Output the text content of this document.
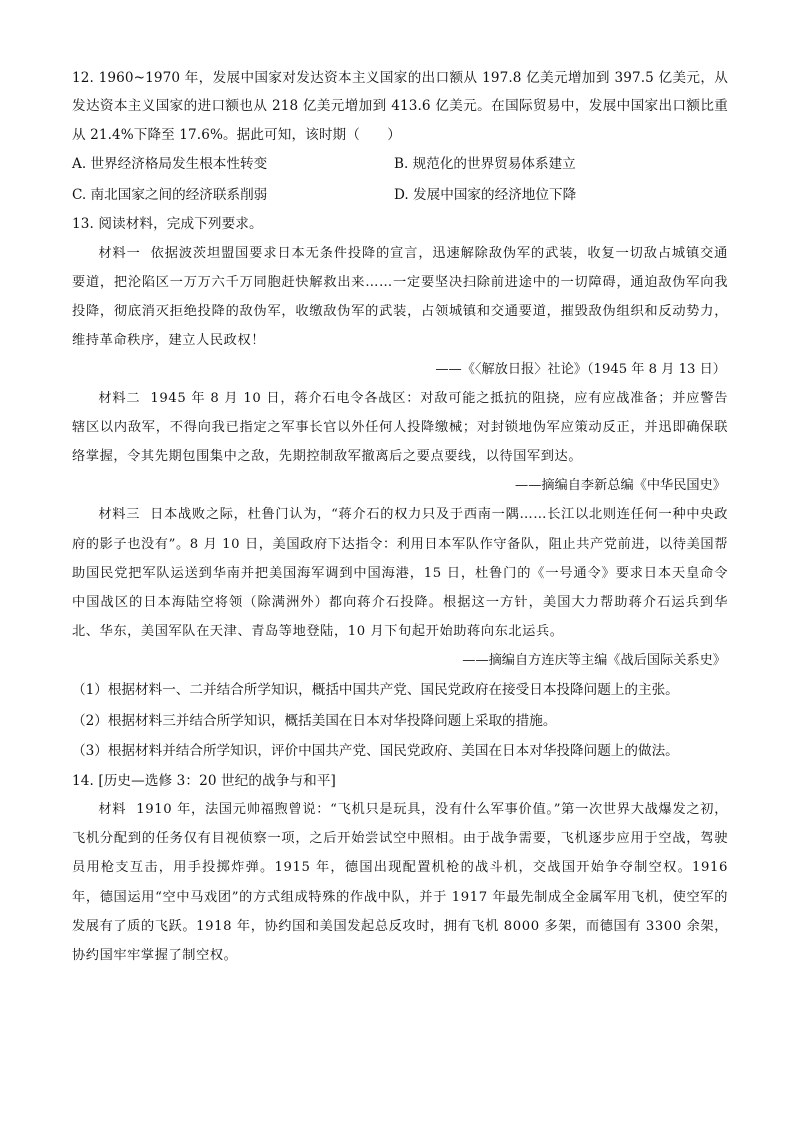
12. 1960~1970 年，发展中国家对发达资本主义国家的出口额从 197.8 亿美元增加到 397.5 亿美元，从发达资本主义国家的进口额也从 218 亿美元增加到 413.6 亿美元。在国际贸易中，发展中国家出口额比重从 21.4%下降至 17.6%。据此可知，该时期（　　）

A. 世界经济格局发生根本性转变	B. 规范化的世界贸易体系建立
C. 南北国家之间的经济联系削弱	D. 发展中国家的经济地位下降

13. 阅读材料，完成下列要求。

材料一 依据波茨坦盟国要求日本无条件投降的宣言，迅速解除敌伪军的武装，收复一切敌占城镇交通要道，把沦陷区一万万六千万同胞赶快解救出来……一定要坚决扫除前进途中的一切障碍，通迫敌伪军向我投降，彻底消灭拒绝投降的敌伪军，收缴敌伪军的武装，占领城镇和交通要道，摧毁敌伪组织和反动势力，维持革命秩序，建立人民政权！

——《〈解放日报〉社论》（1945 年 8 月 13 日）

材料二 1945 年 8 月 10 日，蒋介石电令各战区：对敌可能之抵抗的阻挠，应有应战准备；并应警告辖区以内敌军，不得向我已指定之军事长官以外任何人投降缴械；对封锁地伪军应策动反正，并迅即确保联络掌握，令其先期包围集中之敌，先期控制敌军撤离后之要点要线，以待国军到达。

——摘编自李新总编《中华民国史》

材料三 日本战败之际，杜鲁门认为，“蒋介石的权力只及于西南一隅……长江以北则连任何一种中央政府的影子也没有”。8 月 10 日，美国政府下达指令：利用日本军队作守备队，阻止共产党前进，以待美国帮助国民党把军队运送到华南并把美国海军调到中国海港，15 日，杜鲁门的《一号通令》要求日本天皇命令中国战区的日本海陆空将领（除满洲外）都向蒋介石投降。根据这一方针，美国大力帮助蒋介石运兵到华北、华东，美国军队在天津、青岛等地登陆，10 月下旬起开始助蒋向东北运兵。

——摘编自方连庆等主编《战后国际关系史》

（1）根据材料一、二并结合所学知识，概括中国共产党、国民党政府在接受日本投降问题上的主张。

（2）根据材料三并结合所学知识，概括美国在日本对华投降问题上采取的措施。

（3）根据材料并结合所学知识，评价中国共产党、国民党政府、美国在日本对华投降问题上的做法。

14. [历史—选修 3：20 世纪的战争与和平]

材料 1910 年，法国元帅福煦曾说：“飞机只是玩具，没有什么军事价值。”第一次世界大战爆发之初，飞机分配到的任务仅有目视侦察一项，之后开始尝试空中照相。由于战争需要，飞机逐步应用于空战，驾驶员用枪支互击，用手投掷炸弹。1915 年，德国出现配置机枪的战斗机，交战国开始争夺制空权。1916 年，德国运用“空中马戏团”的方式组成特殊的作战中队，并于 1917 年最先制成全金属军用飞机，使空军的发展有了质的飞跃。1918 年，协约国和美国发起总反攻时，拥有飞机 8000 多架，而德国有 3300 余架，协约国牢牢掌握了制空权。
